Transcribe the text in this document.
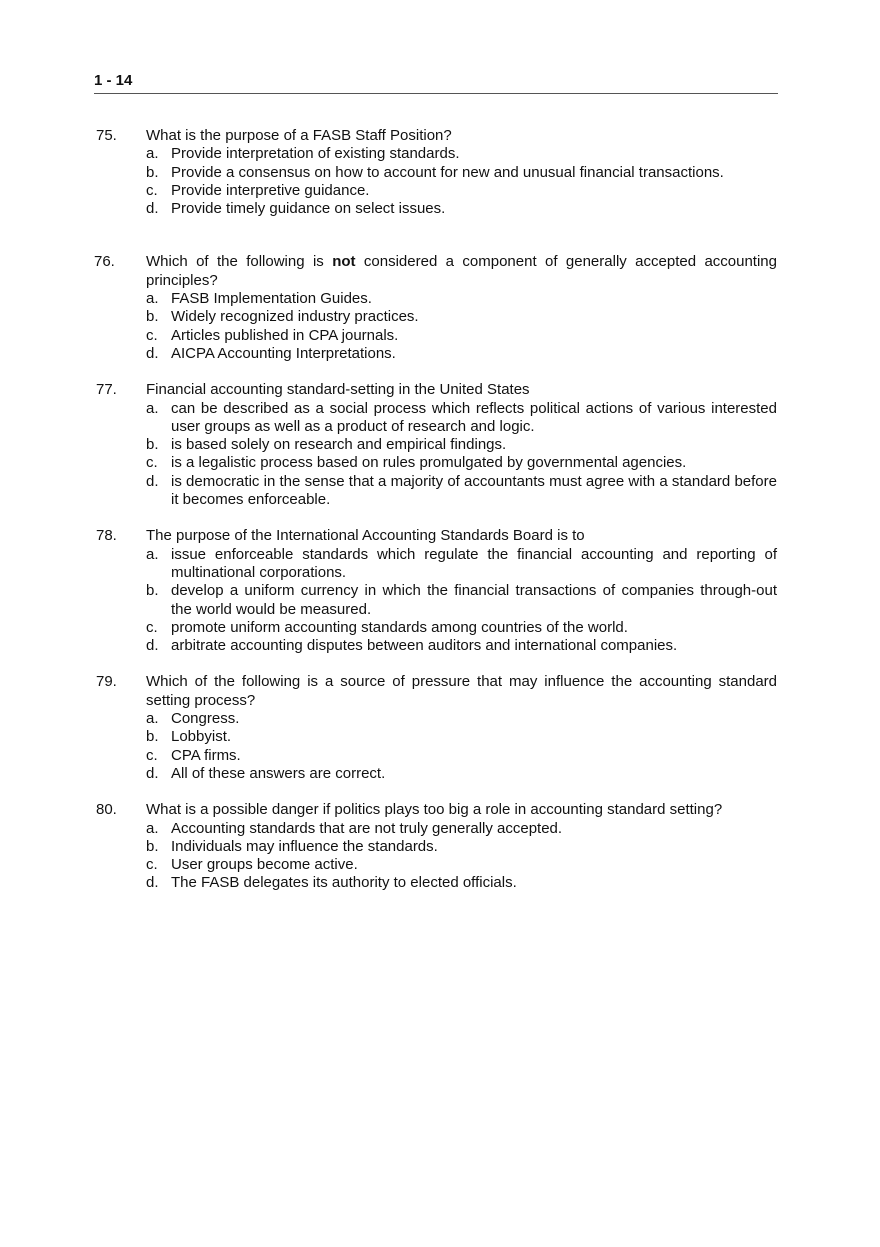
1 - 14
75.	What is the purpose of a FASB Staff Position?
a. Provide interpretation of existing standards.
b. Provide a consensus on how to account for new and unusual financial transactions.
c. Provide interpretive guidance.
d. Provide timely guidance on select issues.
76.	Which of the following is not considered a component of generally accepted accounting principles?
a. FASB Implementation Guides.
b. Widely recognized industry practices.
c. Articles published in CPA journals.
d. AICPA Accounting Interpretations.
77.	Financial accounting standard-setting in the United States
a. can be described as a social process which reflects political actions of various interested user groups as well as a product of research and logic.
b. is based solely on research and empirical findings.
c. is a legalistic process based on rules promulgated by governmental agencies.
d. is democratic in the sense that a majority of accountants must agree with a standard before it becomes enforceable.
78.	The purpose of the International Accounting Standards Board is to
a. issue enforceable standards which regulate the financial accounting and reporting of multinational corporations.
b. develop a uniform currency in which the financial transactions of companies through-out the world would be measured.
c. promote uniform accounting standards among countries of the world.
d. arbitrate accounting disputes between auditors and international companies.
79.	Which of the following is a source of pressure that may influence the accounting standard setting process?
a. Congress.
b. Lobbyist.
c. CPA firms.
d. All of these answers are correct.
80.	What is a possible danger if politics plays too big a role in accounting standard setting?
a. Accounting standards that are not truly generally accepted.
b. Individuals may influence the standards.
c. User groups become active.
d. The FASB delegates its authority to elected officials.
